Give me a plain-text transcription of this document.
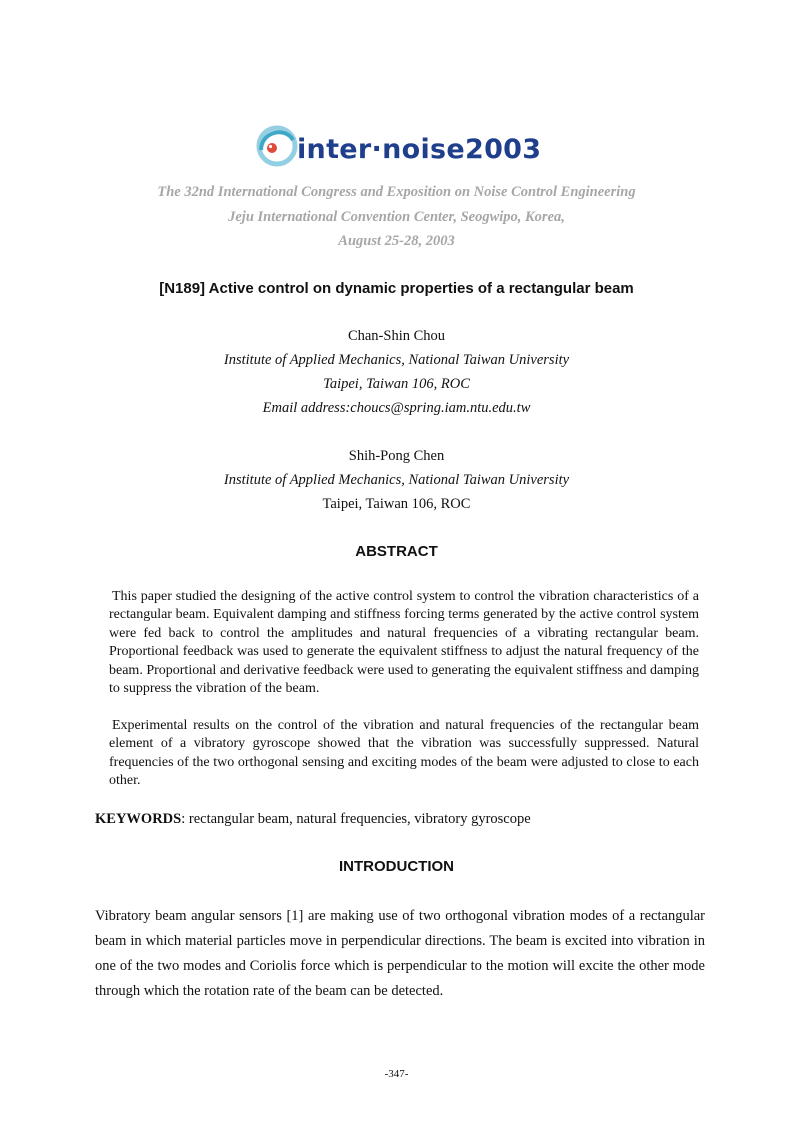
inter·noise2003
The 32nd International Congress and Exposition on Noise Control Engineering
Jeju International Convention Center, Seogwipo, Korea,
August 25-28, 2003
[N189] Active control on dynamic properties of a rectangular beam
Chan-Shin Chou
Institute of Applied Mechanics, National Taiwan University
Taipei, Taiwan 106, ROC
Email address:choucs@spring.iam.ntu.edu.tw
Shih-Pong Chen
Institute of Applied Mechanics, National Taiwan University
Taipei, Taiwan 106, ROC
ABSTRACT

This paper studied the designing of the active control system to control the vibration characteristics of a rectangular beam. Equivalent damping and stiffness forcing terms generated by the active control system were fed back to control the amplitudes and natural frequencies of a vibrating rectangular beam. Proportional feedback was used to generate the equivalent stiffness to adjust the natural frequency of the beam. Proportional and derivative feedback were used to generating the equivalent stiffness and damping to suppress the vibration of the beam.

Experimental results on the control of the vibration and natural frequencies of the rectangular beam element of a vibratory gyroscope showed that the vibration was successfully suppressed. Natural frequencies of the two orthogonal sensing and exciting modes of the beam were adjusted to close to each other.

KEYWORDS: rectangular beam, natural frequencies, vibratory gyroscope

INTRODUCTION

Vibratory beam angular sensors [1] are making use of two orthogonal vibration modes of a rectangular beam in which material particles move in perpendicular directions. The beam is excited into vibration in one of the two modes and Coriolis force which is perpendicular to the motion will excite the other mode through which the rotation rate of the beam can be detected.

-347-
